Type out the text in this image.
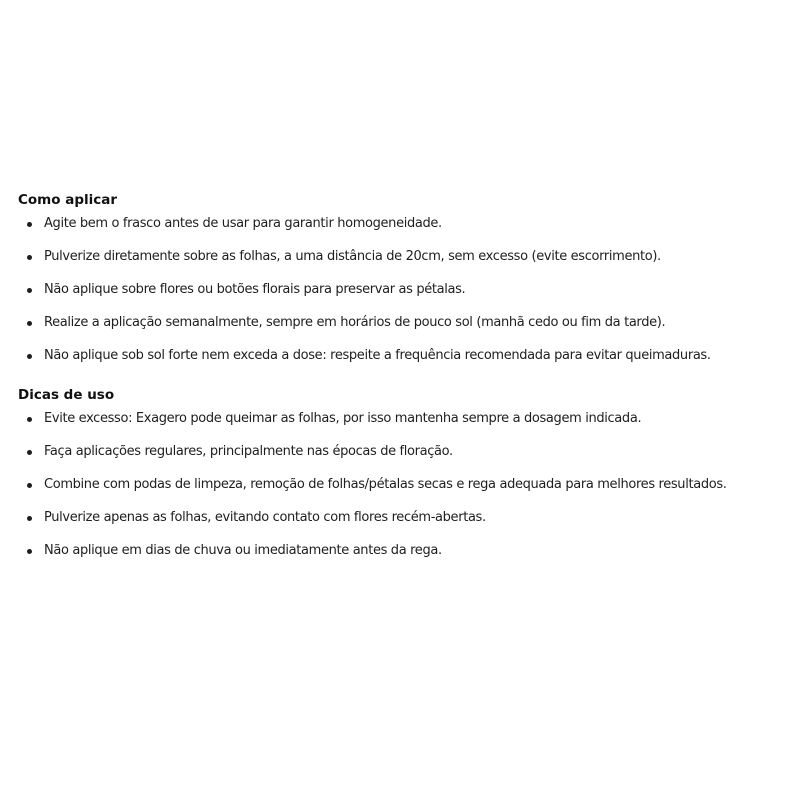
Como aplicar
Agite bem o frasco antes de usar para garantir homogeneidade.
Pulverize diretamente sobre as folhas, a uma distância de 20cm, sem excesso (evite escorrimento).
Não aplique sobre flores ou botões florais para preservar as pétalas.
Realize a aplicação semanalmente, sempre em horários de pouco sol (manhã cedo ou fim da tarde).
Não aplique sob sol forte nem exceda a dose: respeite a frequência recomendada para evitar queimaduras.
Dicas de uso
Evite excesso: Exagero pode queimar as folhas, por isso mantenha sempre a dosagem indicada.
Faça aplicações regulares, principalmente nas épocas de floração.
Combine com podas de limpeza, remoção de folhas/pétalas secas e rega adequada para melhores resultados.
Pulverize apenas as folhas, evitando contato com flores recém-abertas.
Não aplique em dias de chuva ou imediatamente antes da rega.
